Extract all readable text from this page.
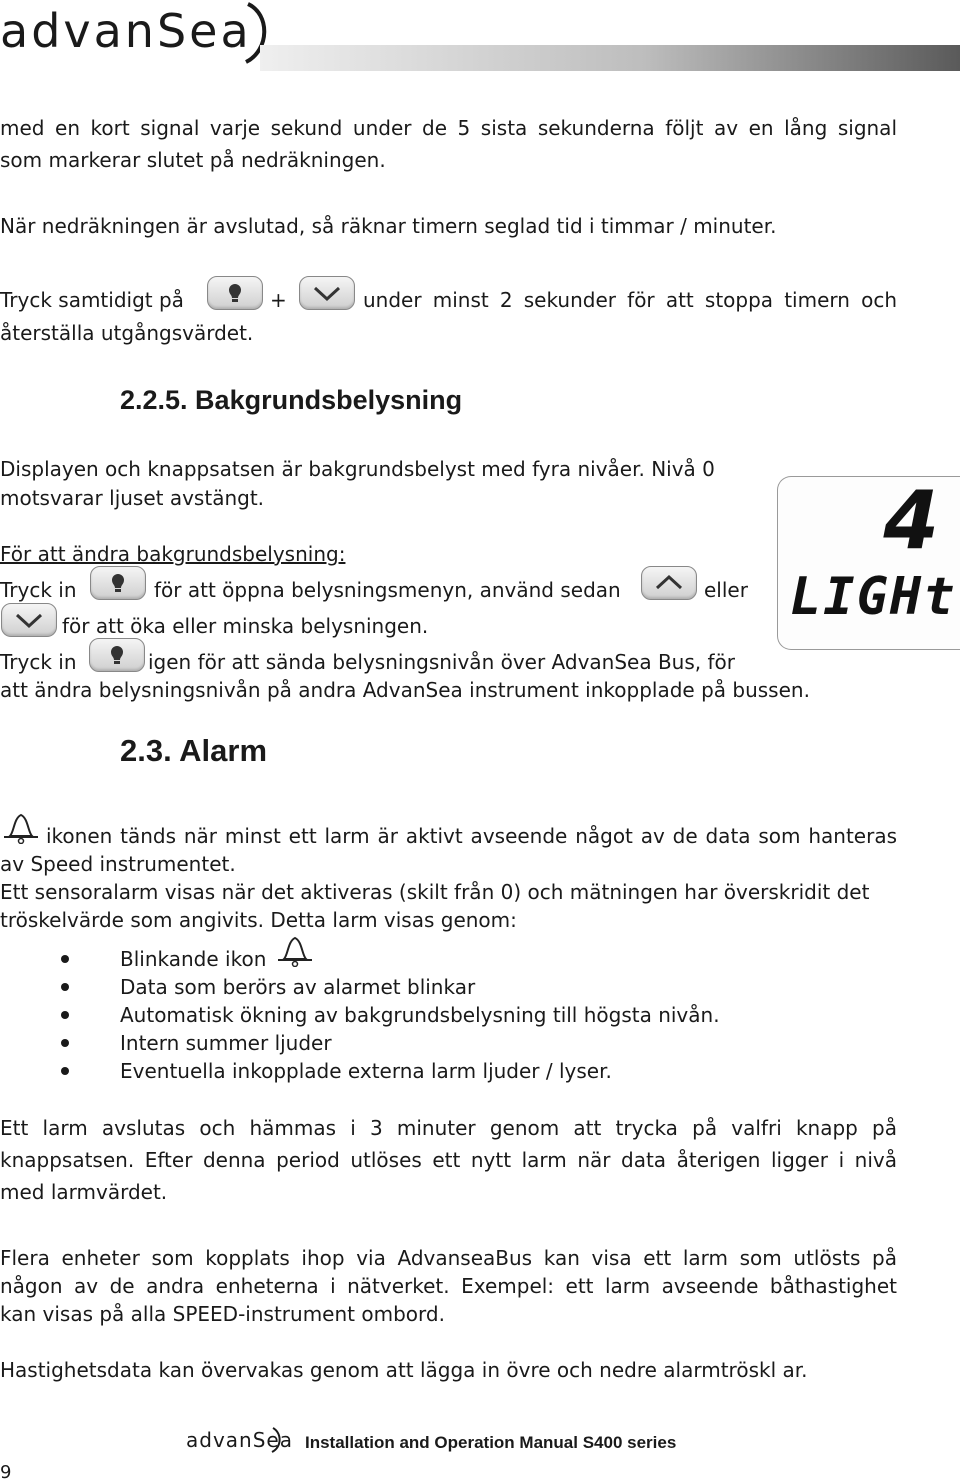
advanSea
med en kort signal varje sekund under de 5 sista sekunderna följt av en lång signal
som markerar slutet på nedräkningen.
När nedräkningen är avslutad, så räknar timern seglad tid i timmar / minuter.
Tryck samtidigt på	+	under minst 2 sekunder för att stoppa timern och
återställa utgångsvärdet.
2.2.5. Bakgrundsbelysning
Displayen och knappsatsen är bakgrundsbelyst med fyra nivåer. Nivå 0
motsvarar ljuset avstängt.
För att ändra bakgrundsbelysning:
Tryck in	för att öppna belysningsmenyn, använd sedan	eller
för att öka eller minska belysningen.
Tryck in	igen för att sända belysningsnivån över AdvanSea Bus, för
att ändra belysningsnivån på andra AdvanSea instrument inkopplade på bussen.
4
LIGHt
2.3. Alarm
ikonen tänds när minst ett larm är aktivt avseende något av de data som hanteras
av Speed instrumentet.
Ett sensoralarm visas när det aktiveras (skilt från 0) och mätningen har överskridit det
tröskelvärde som angivits. Detta larm visas genom:
Blinkande ikon
Data som berörs av alarmet blinkar
Automatisk ökning av bakgrundsbelysning till högsta nivån.
Intern summer ljuder
Eventuella inkopplade externa larm ljuder / lyser.
Ett larm avslutas och hämmas i 3 minuter genom att trycka på valfri knapp på
knappsatsen. Efter denna period utlöses ett nytt larm när data återigen ligger i nivå
med larmvärdet.
Flera enheter som kopplats ihop via AdvanseaBus kan visa ett larm som utlösts på
någon av de andra enheterna i nätverket. Exempel: ett larm avseende båthastighet
kan visas på alla SPEED-instrument ombord.
Hastighetsdata kan övervakas genom att lägga in övre och nedre alarmtröskl ar.
advanSea Installation and Operation Manual S400 series
9
